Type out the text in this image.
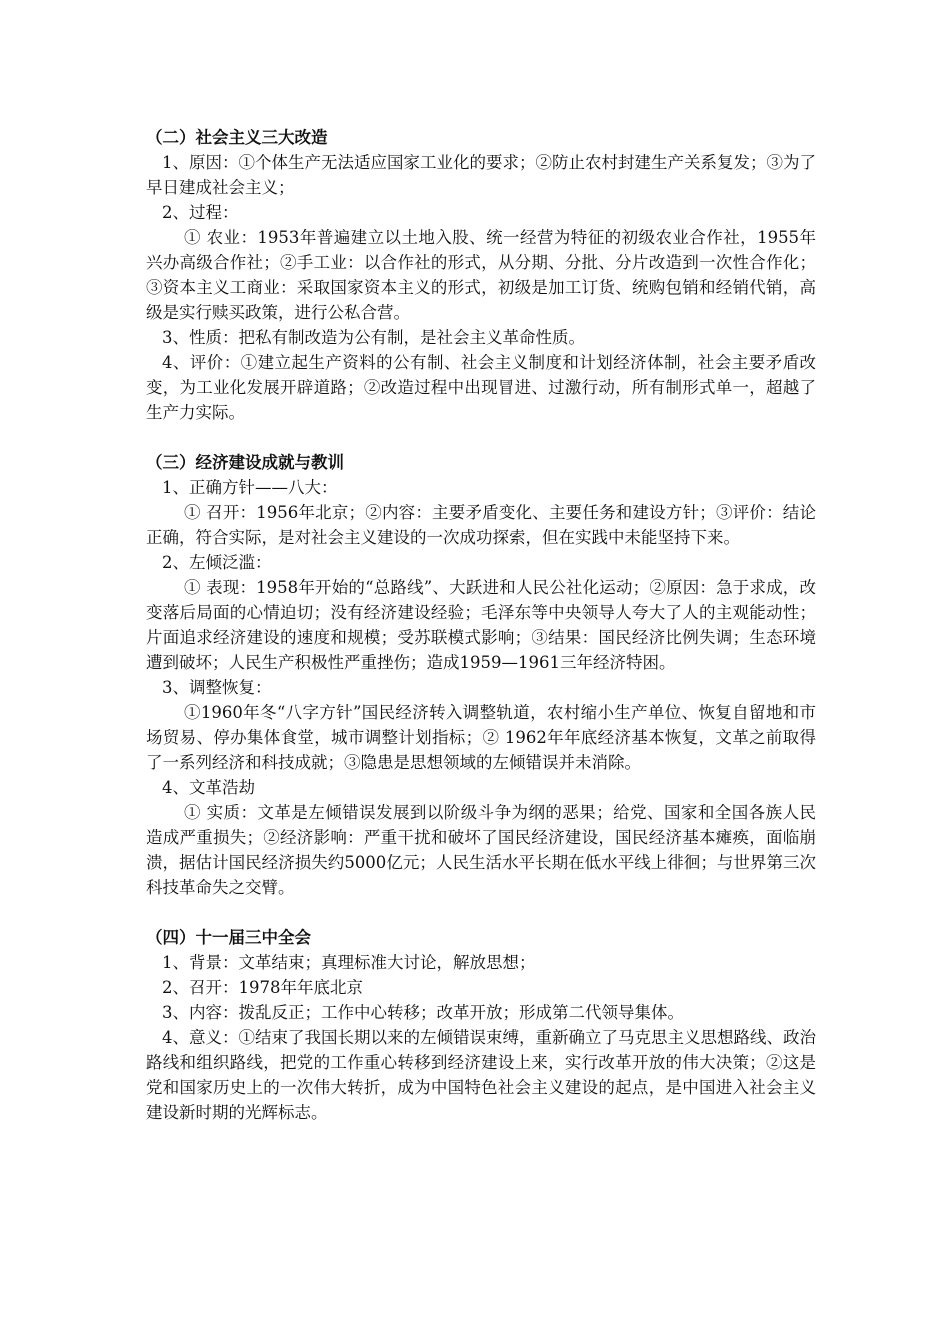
（二）社会主义三大改造

1、原因：①个体生产无法适应国家工业化的要求；②防止农村封建生产关系复发；③为了早日建成社会主义；

2、过程：

① 农业：1953年普遍建立以土地入股、统一经营为特征的初级农业合作社，1955年兴办高级合作社；②手工业：以合作社的形式，从分期、分批、分片改造到一次性合作化；③资本主义工商业：采取国家资本主义的形式，初级是加工订货、统购包销和经销代销，高级是实行赎买政策，进行公私合营。

3、性质：把私有制改造为公有制，是社会主义革命性质。

4、评价：①建立起生产资料的公有制、社会主义制度和计划经济体制，社会主要矛盾改变，为工业化发展开辟道路；②改造过程中出现冒进、过激行动，所有制形式单一，超越了生产力实际。

（三）经济建设成就与教训

1、正确方针——八大：

① 召开：1956年北京；②内容：主要矛盾变化、主要任务和建设方针；③评价：结论正确，符合实际，是对社会主义建设的一次成功探索，但在实践中未能坚持下来。

2、左倾泛滥：

① 表现：1958年开始的“总路线”、大跃进和人民公社化运动；②原因：急于求成，改变落后局面的心情迫切；没有经济建设经验；毛泽东等中央领导人夸大了人的主观能动性；片面追求经济建设的速度和规模；受苏联模式影响；③结果：国民经济比例失调；生态环境遭到破坏；人民生产积极性严重挫伤；造成1959—1961三年经济特困。

3、调整恢复：

①1960年冬“八字方针”国民经济转入调整轨道，农村缩小生产单位、恢复自留地和市场贸易、停办集体食堂，城市调整计划指标；② 1962年年底经济基本恢复，文革之前取得了一系列经济和科技成就；③隐患是思想领域的左倾错误并未消除。

4、文革浩劫

① 实质：文革是左倾错误发展到以阶级斗争为纲的恶果；给党、国家和全国各族人民造成严重损失；②经济影响：严重干扰和破坏了国民经济建设，国民经济基本瘫痪，面临崩溃，据估计国民经济损失约5000亿元；人民生活水平长期在低水平线上徘徊；与世界第三次科技革命失之交臂。

（四）十一届三中全会

1、背景：文革结束；真理标准大讨论，解放思想；

2、召开：1978年年底北京

3、内容：拨乱反正；工作中心转移；改革开放；形成第二代领导集体。

4、意义：①结束了我国长期以来的左倾错误束缚，重新确立了马克思主义思想路线、政治路线和组织路线，把党的工作重心转移到经济建设上来，实行改革开放的伟大决策；②这是党和国家历史上的一次伟大转折，成为中国特色社会主义建设的起点，是中国进入社会主义建设新时期的光辉标志。
